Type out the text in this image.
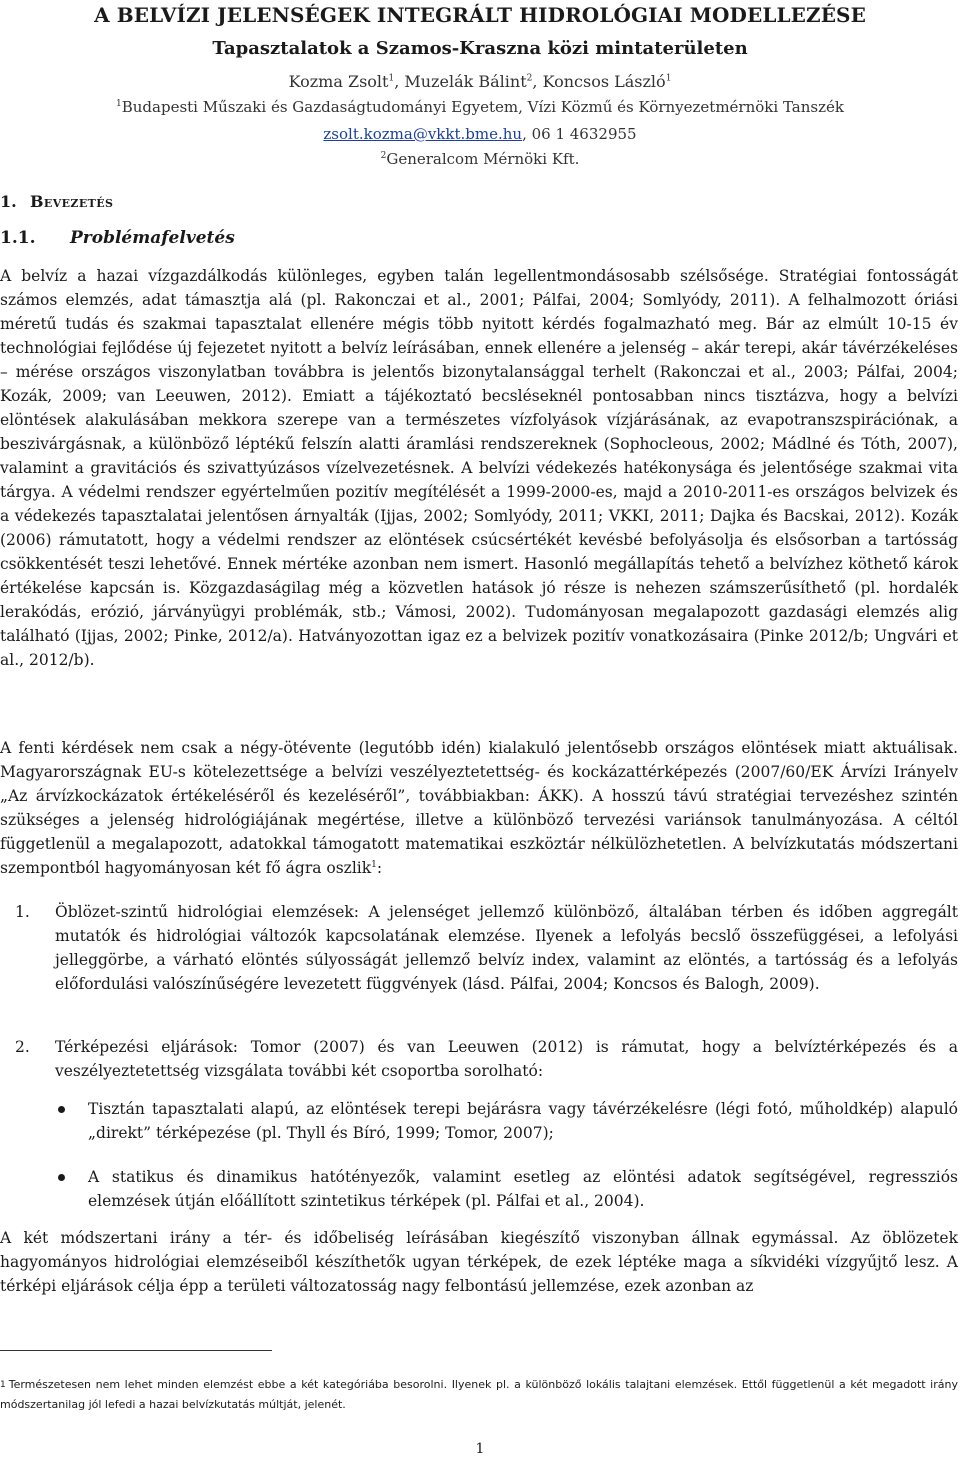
A BELVÍZI JELENSÉGEK INTEGRÁLT HIDROLÓGIAI MODELLEZÉSE
Tapasztalatok a Szamos-Kraszna közi mintaterületen
Kozma Zsolt$^1$, Muzelák Bálint$^2$, Koncsos László$^1$
$^1$Budapesti Műszaki és Gazdaságtudományi Egyetem, Vízi Közmű és Környezetmérnöki Tanszék
zsolt.kozma@vkkt.bme.hu, 06 1 4632955
$^2$Generalcom Mérnöki Kft.
1. Bevezetés
1.1. Problémafelvetés

A belvíz a hazai vízgazdálkodás különleges, egyben talán legellentmondásosabb szélsősége. Stratégiai fontosságát számos elemzés, adat támasztja alá (pl. Rakonczai et al., 2001; Pálfai, 2004; Somlyódy, 2011). A felhalmozott óriási méretű tudás és szakmai tapasztalat ellenére mégis több nyitott kérdés fogalmazható meg. Bár az elmúlt 10-15 év technológiai fejlődése új fejezetet nyitott a belvíz leírásában, ennek ellenére a jelenség – akár terepi, akár távérzékeléses – mérése országos viszonylatban továbbra is jelentős bizonytalansággal terhelt (Rakonczai et al., 2003; Pálfai, 2004; Kozák, 2009; van Leeuwen, 2012). Emiatt a tájékoztató becsléseknél pontosabban nincs tisztázva, hogy a belvízi elöntések alakulásában mekkora szerepe van a természetes vízfolyások vízjárásának, az evapotranszspirációnak, a beszivárgásnak, a különböző léptékű felszín alatti áramlási rendszereknek (Sophocleous, 2002; Mádlné és Tóth, 2007), valamint a gravitációs és szivattyúzásos vízelvezetésnek. A belvízi védekezés hatékonysága és jelentősége szakmai vita tárgya. A védelmi rendszer egyértelműen pozitív megítélését a 1999-2000-es, majd a 2010-2011-es országos belvizek és a védekezés tapasztalatai jelentősen árnyalták (Ijjas, 2002; Somlyódy, 2011; VKKI, 2011; Dajka és Bacskai, 2012). Kozák (2006) rámutatott, hogy a védelmi rendszer az elöntések csúcsértékét kevésbé befolyásolja és elsősorban a tartósság csökkentését teszi lehetővé. Ennek mértéke azonban nem ismert. Hasonló megállapítás tehető a belvízhez köthető károk értékelése kapcsán is. Közgazdaságilag még a közvetlen hatások jó része is nehezen számszerűsíthető (pl. hordalék lerakódás, erózió, járványügyi problémák, stb.; Vámosi, 2002). Tudományosan megalapozott gazdasági elemzés alig található (Ijjas, 2002; Pinke, 2012/a). Hatványozottan igaz ez a belvizek pozitív vonatkozásaira (Pinke 2012/b; Ungvári et al., 2012/b).

A fenti kérdések nem csak a négy-ötévente (legutóbb idén) kialakuló jelentősebb országos elöntések miatt aktuálisak. Magyarországnak EU-s kötelezettsége a belvízi veszélyeztetettség- és kockázattérképezés (2007/60/EK Árvízi Irányelv „Az árvízkockázatok értékeléséről és kezeléséről”, továbbiakban: ÁKK). A hosszú távú stratégiai tervezéshez szintén szükséges a jelenség hidrológiájának megértése, illetve a különböző tervezési variánsok tanulmányozása. A céltól függetlenül a megalapozott, adatokkal támogatott matematikai eszköztár nélkülözhetetlen. A belvízkutatás módszertani szempontból hagyományosan két fő ágra oszlik$^1$:

1. Öblözet-szintű hidrológiai elemzések: A jelenséget jellemző különböző, általában térben és időben aggregált mutatók és hidrológiai változók kapcsolatának elemzése. Ilyenek a lefolyás becslő összefüggései, a lefolyási jelleggörbe, a várható elöntés súlyosságát jellemző belvíz index, valamint az elöntés, a tartósság és a lefolyás előfordulási valószínűségére levezetett függvények (lásd. Pálfai, 2004; Koncsos és Balogh, 2009).
2. Térképezési eljárások: Tomor (2007) és van Leeuwen (2012) is rámutat, hogy a belvíztérképezés és a veszélyeztetettség vizsgálata további két csoportba sorolható:
Tisztán tapasztalati alapú, az elöntések terepi bejárásra vagy távérzékelésre (légi fotó, műholdkép) alapuló „direkt” térképezése (pl. Thyll és Bíró, 1999; Tomor, 2007);
A statikus és dinamikus hatótényezők, valamint esetleg az elöntési adatok segítségével, regressziós elemzések útján előállított szintetikus térképek (pl. Pálfai et al., 2004).

A két módszertani irány a tér- és időbeliség leírásában kiegészítő viszonyban állnak egymással. Az öblözetek hagyományos hidrológiai elemzéseiből készíthetők ugyan térképek, de ezek léptéke maga a síkvidéki vízgyűjtő lesz. A térképi eljárások célja épp a területi változatosság nagy felbontású jellemzése, ezek azonban az

$^1$ Természetesen nem lehet minden elemzést ebbe a két kategóriába besorolni. Ilyenek pl. a különböző lokális talajtani elemzések. Ettől függetlenül a két megadott irány módszertanilag jól lefedi a hazai belvízkutatás múltját, jelenét.
1
